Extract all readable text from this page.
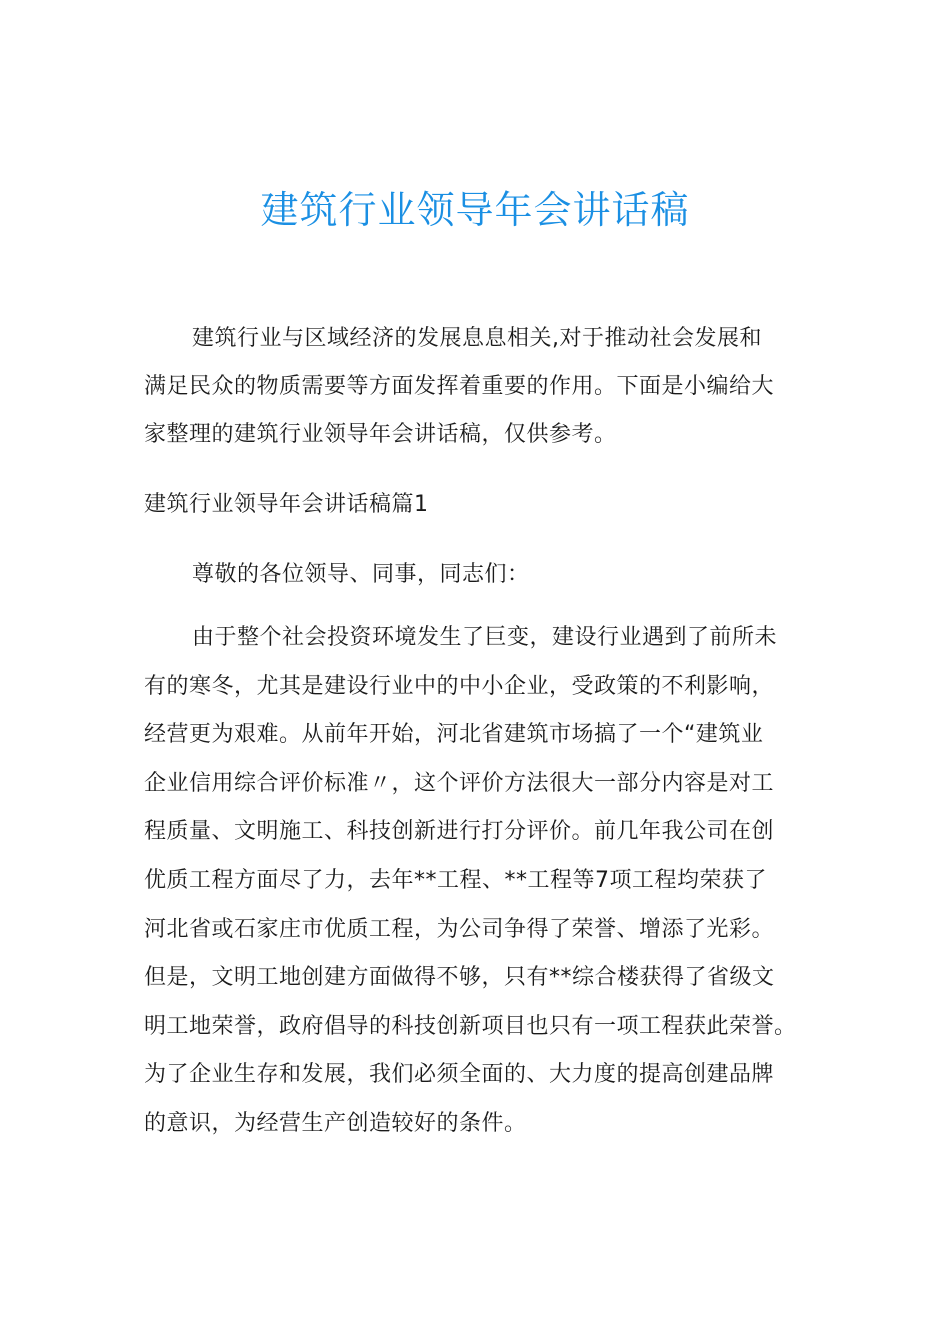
建筑行业领导年会讲话稿

建筑行业与区域经济的发展息息相关,对于推动社会发展和
满足民众的物质需要等方面发挥着重要的作用。下面是小编给大
家整理的建筑行业领导年会讲话稿，仅供参考。

建筑行业领导年会讲话稿篇1

尊敬的各位领导、同事，同志们：

由于整个社会投资环境发生了巨变，建设行业遇到了前所未
有的寒冬，尤其是建设行业中的中小企业，受政策的不利影响，
经营更为艰难。从前年开始，河北省建筑市场搞了一个“建筑业
企业信用综合评价标准〃，这个评价方法很大一部分内容是对工
程质量、文明施工、科技创新进行打分评价。前几年我公司在创
优质工程方面尽了力，去年**工程、**工程等7项工程均荣获了
河北省或石家庄市优质工程，为公司争得了荣誉、增添了光彩。
但是，文明工地创建方面做得不够，只有**综合楼获得了省级文
明工地荣誉，政府倡导的科技创新项目也只有一项工程获此荣誉。
为了企业生存和发展，我们必须全面的、大力度的提高创建品牌
的意识，为经营生产创造较好的条件。
